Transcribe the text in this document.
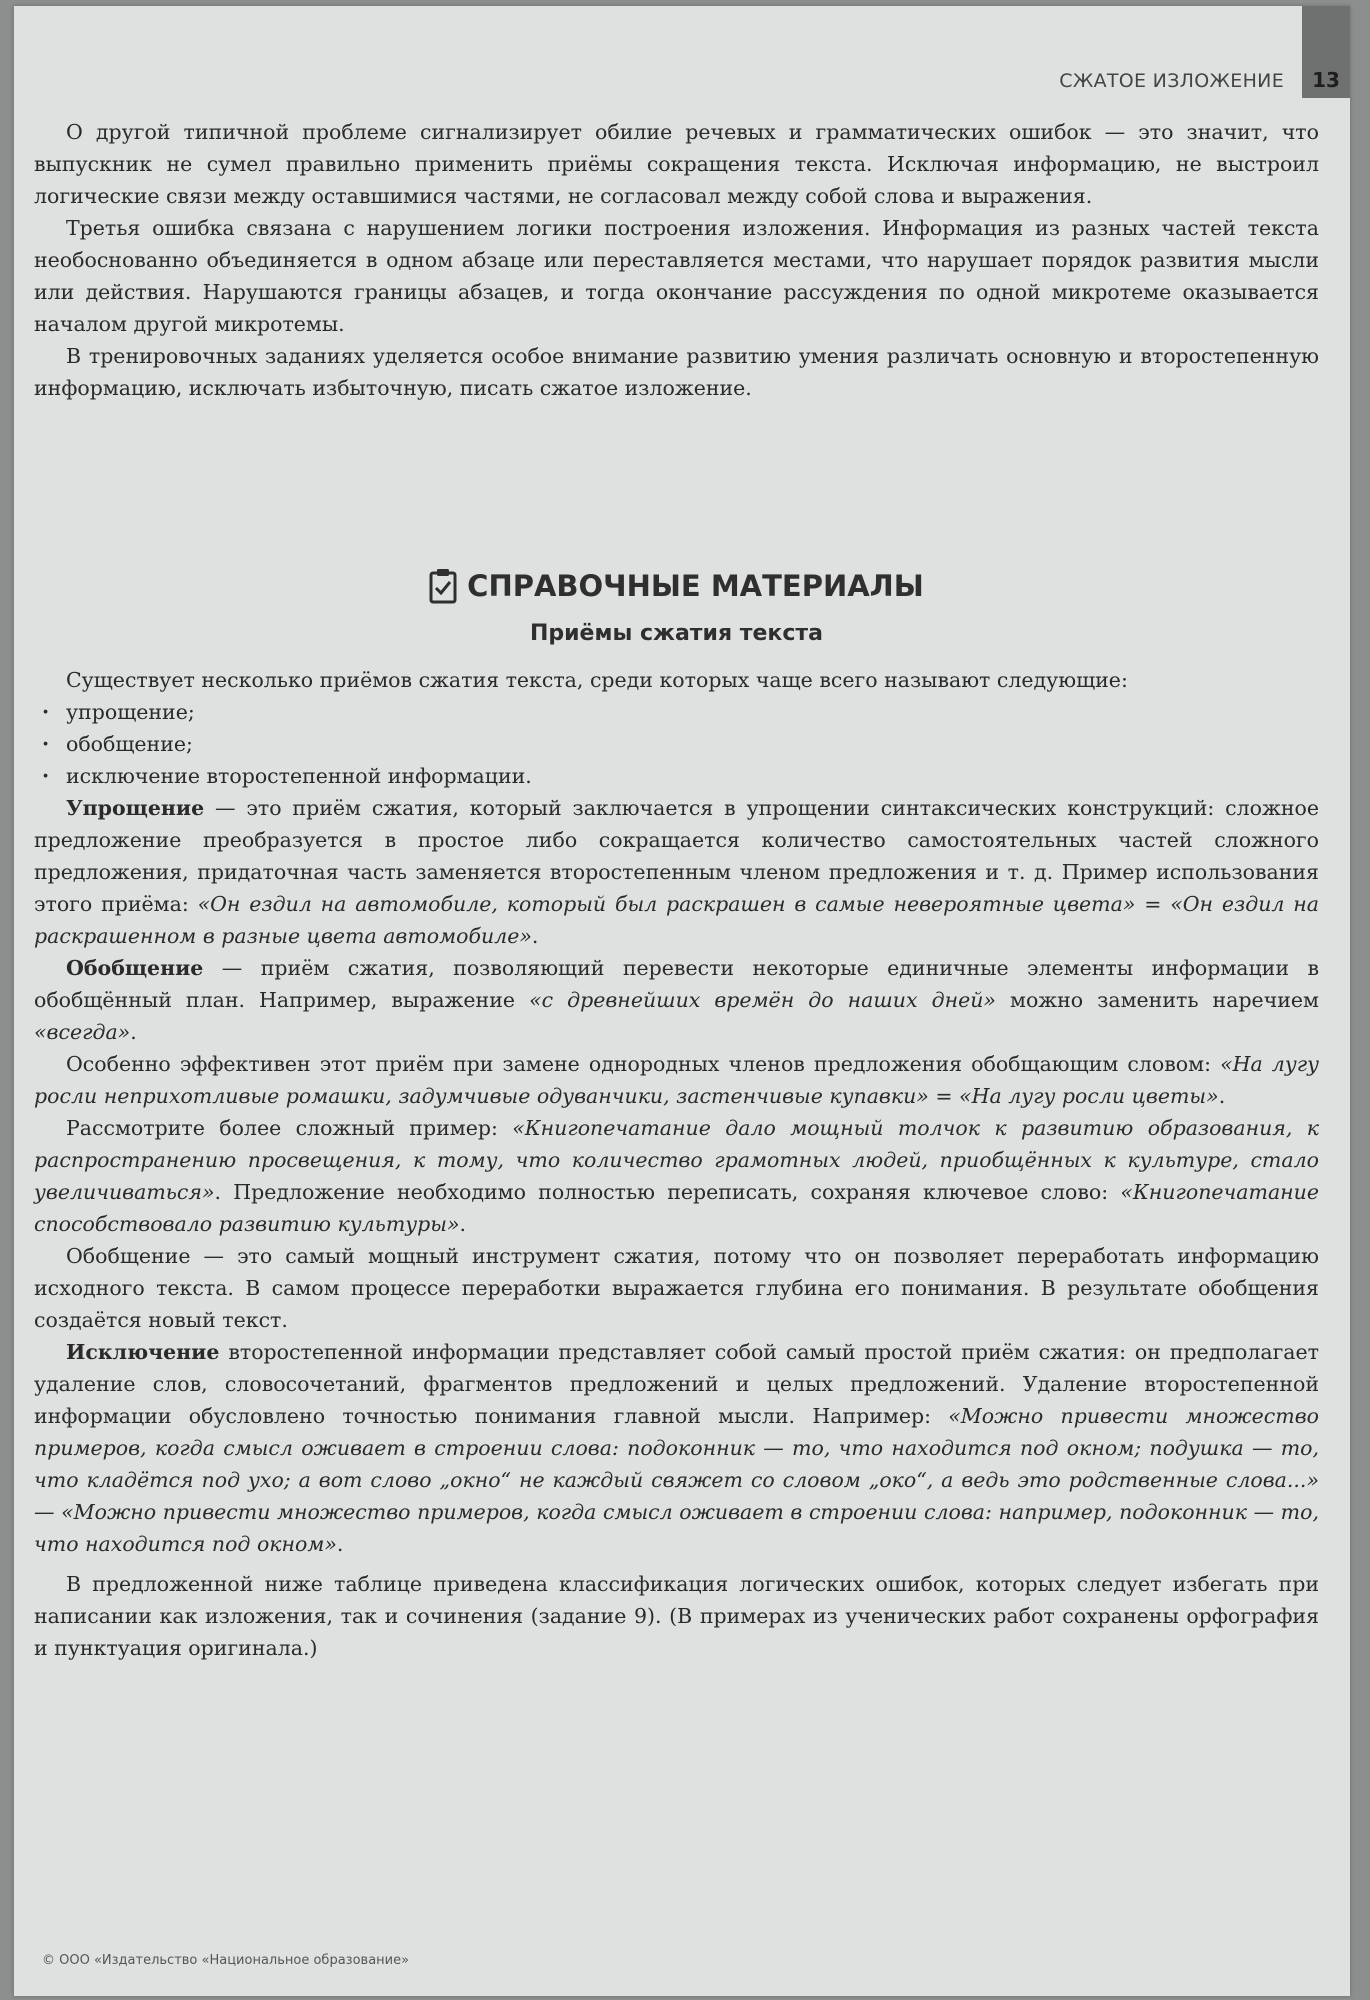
СЖАТОЕ ИЗЛОЖЕНИЕ	13

О другой типичной проблеме сигнализирует обилие речевых и грамматических ошибок — это значит, что выпускник не сумел правильно применить приёмы сокращения текста. Исключая информацию, не выстроил логические связи между оставшимися частями, не согласовал между собой слова и выражения.

Третья ошибка связана с нарушением логики построения изложения. Информация из разных частей текста необоснованно объединяется в одном абзаце или переставляется местами, что нарушает порядок развития мысли или действия. Нарушаются границы абзацев, и тогда окончание рассуждения по одной микротеме оказывается началом другой микротемы.

В тренировочных заданиях уделяется особое внимание развитию умения различать основную и второстепенную информацию, исключать избыточную, писать сжатое изложение.

СПРАВОЧНЫЕ МАТЕРИАЛЫ
Приёмы сжатия текста

Существует несколько приёмов сжатия текста, среди которых чаще всего называют следующие:

· упрощение;
· обобщение;
· исключение второстепенной информации.

Упрощение — это приём сжатия, который заключается в упрощении синтаксических конструкций: сложное предложение преобразуется в простое либо сокращается количество самостоятельных частей сложного предложения, придаточная часть заменяется второстепенным членом предложения и т. д. Пример использования этого приёма: «Он ездил на автомобиле, который был раскрашен в самые невероятные цвета» = «Он ездил на раскрашенном в разные цвета автомобиле».

Обобщение — приём сжатия, позволяющий перевести некоторые единичные элементы информации в обобщённый план. Например, выражение «с древнейших времён до наших дней» можно заменить наречием «всегда».

Особенно эффективен этот приём при замене однородных членов предложения обобщающим словом: «На лугу росли неприхотливые ромашки, задумчивые одуванчики, застенчивые купавки» = «На лугу росли цветы».

Рассмотрите более сложный пример: «Книгопечатание дало мощный толчок к развитию образования, к распространению просвещения, к тому, что количество грамотных людей, приобщённых к культуре, стало увеличиваться». Предложение необходимо полностью переписать, сохраняя ключевое слово: «Книгопечатание способствовало развитию культуры».

Обобщение — это самый мощный инструмент сжатия, потому что он позволяет переработать информацию исходного текста. В самом процессе переработки выражается глубина его понимания. В результате обобщения создаётся новый текст.

Исключение второстепенной информации представляет собой самый простой приём сжатия: он предполагает удаление слов, словосочетаний, фрагментов предложений и целых предложений. Удаление второстепенной информации обусловлено точностью понимания главной мысли. Например: «Можно привести множество примеров, когда смысл оживает в строении слова: подоконник — то, что находится под окном; подушка — то, что кладётся под ухо; а вот слово „окно“ не каждый свяжет со словом „око“, а ведь это родственные слова...» — «Можно привести множество примеров, когда смысл оживает в строении слова: например, подоконник — то, что находится под окном».

В предложенной ниже таблице приведена классификация логических ошибок, которых следует избегать при написании как изложения, так и сочинения (задание 9). (В примерах из ученических работ сохранены орфография и пунктуация оригинала.)

© ООО «Издательство «Национальное образование»
